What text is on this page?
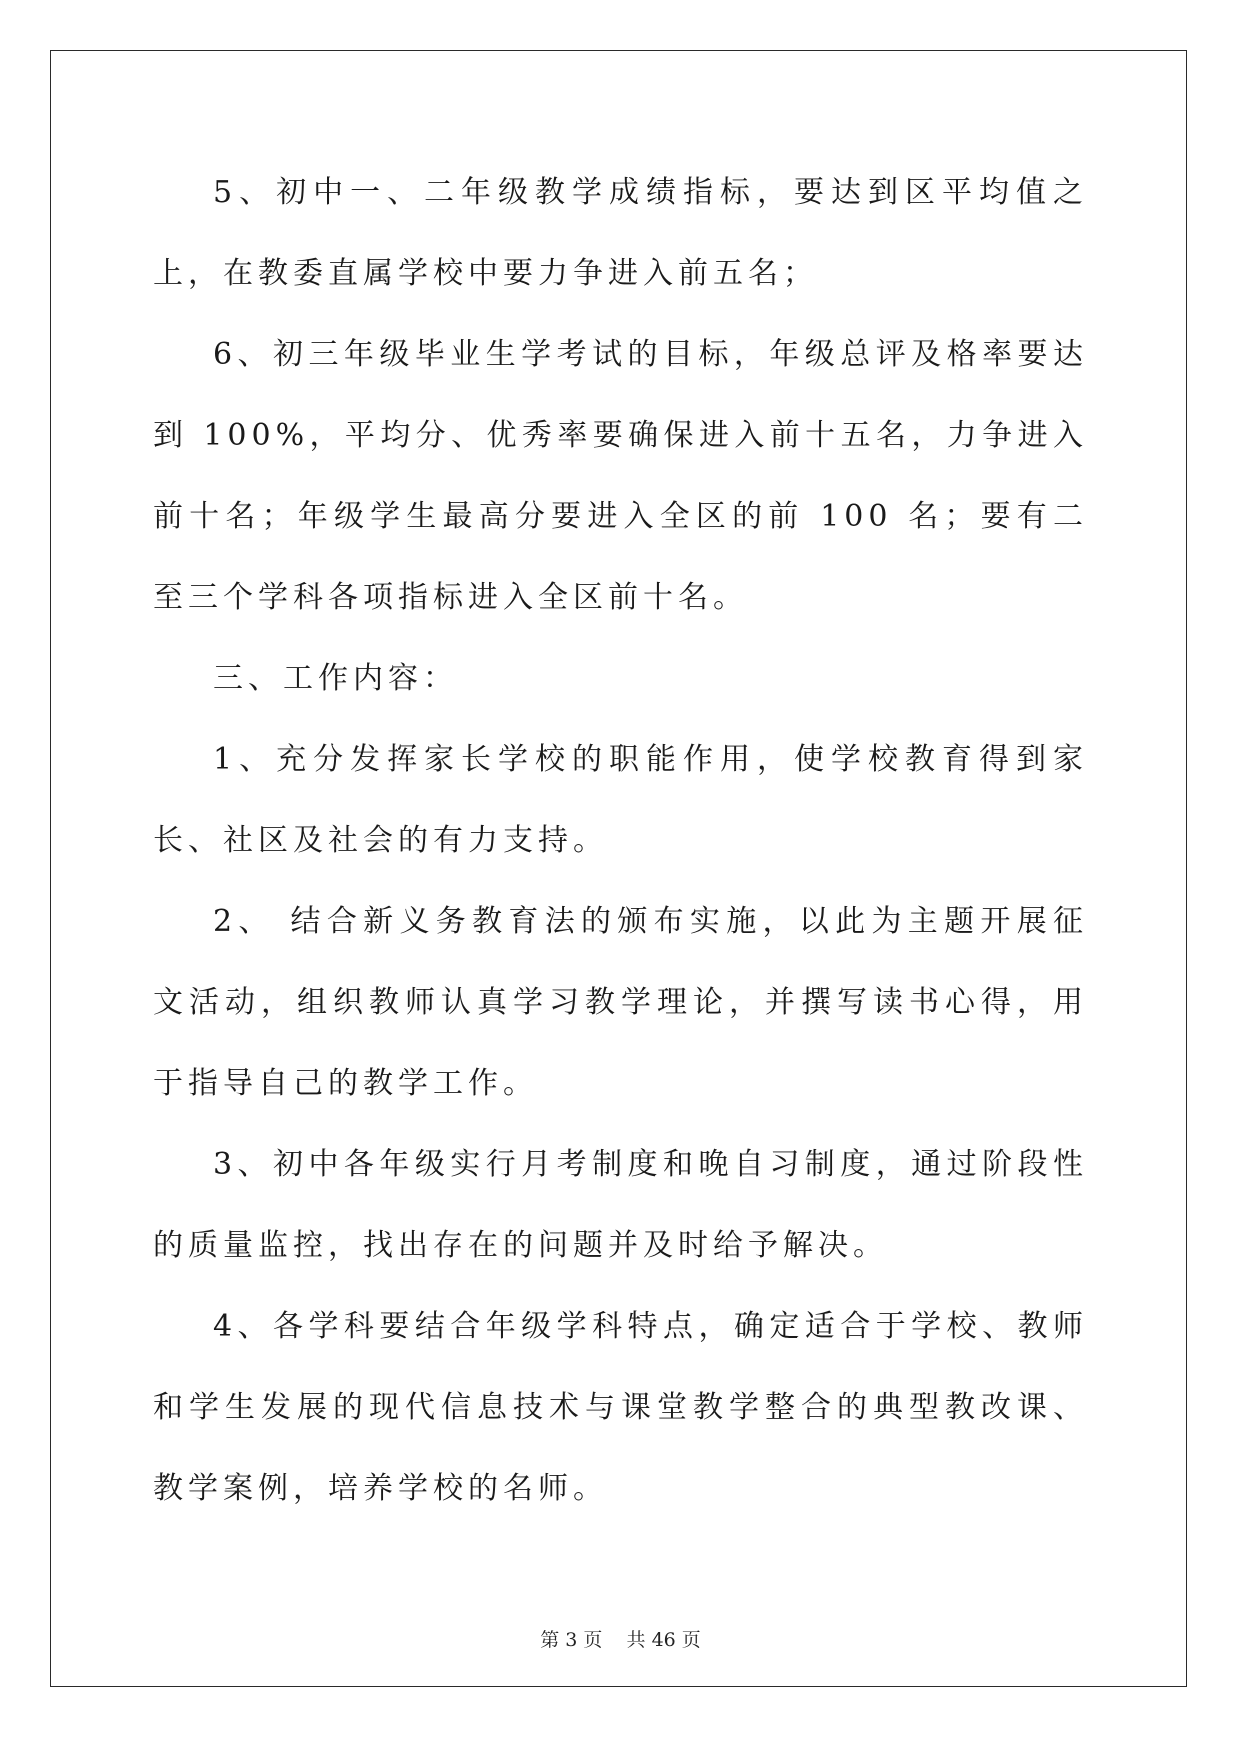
5、初中一、二年级教学成绩指标，要达到区平均值之上，在教委直属学校中要力争进入前五名；

6、初三年级毕业生学考试的目标，年级总评及格率要达到 100%，平均分、优秀率要确保进入前十五名，力争进入前十名；年级学生最高分要进入全区的前 100 名；要有二至三个学科各项指标进入全区前十名。

三、工作内容：

1、充分发挥家长学校的职能作用，使学校教育得到家长、社区及社会的有力支持。

2、 结合新义务教育法的颁布实施，以此为主题开展征文活动，组织教师认真学习教学理论，并撰写读书心得，用于指导自己的教学工作。

3、初中各年级实行月考制度和晚自习制度，通过阶段性的质量监控，找出存在的问题并及时给予解决。

4、各学科要结合年级学科特点，确定适合于学校、教师和学生发展的现代信息技术与课堂教学整合的典型教改课、教学案例，培养学校的名师。

第 3 页 共 46 页
